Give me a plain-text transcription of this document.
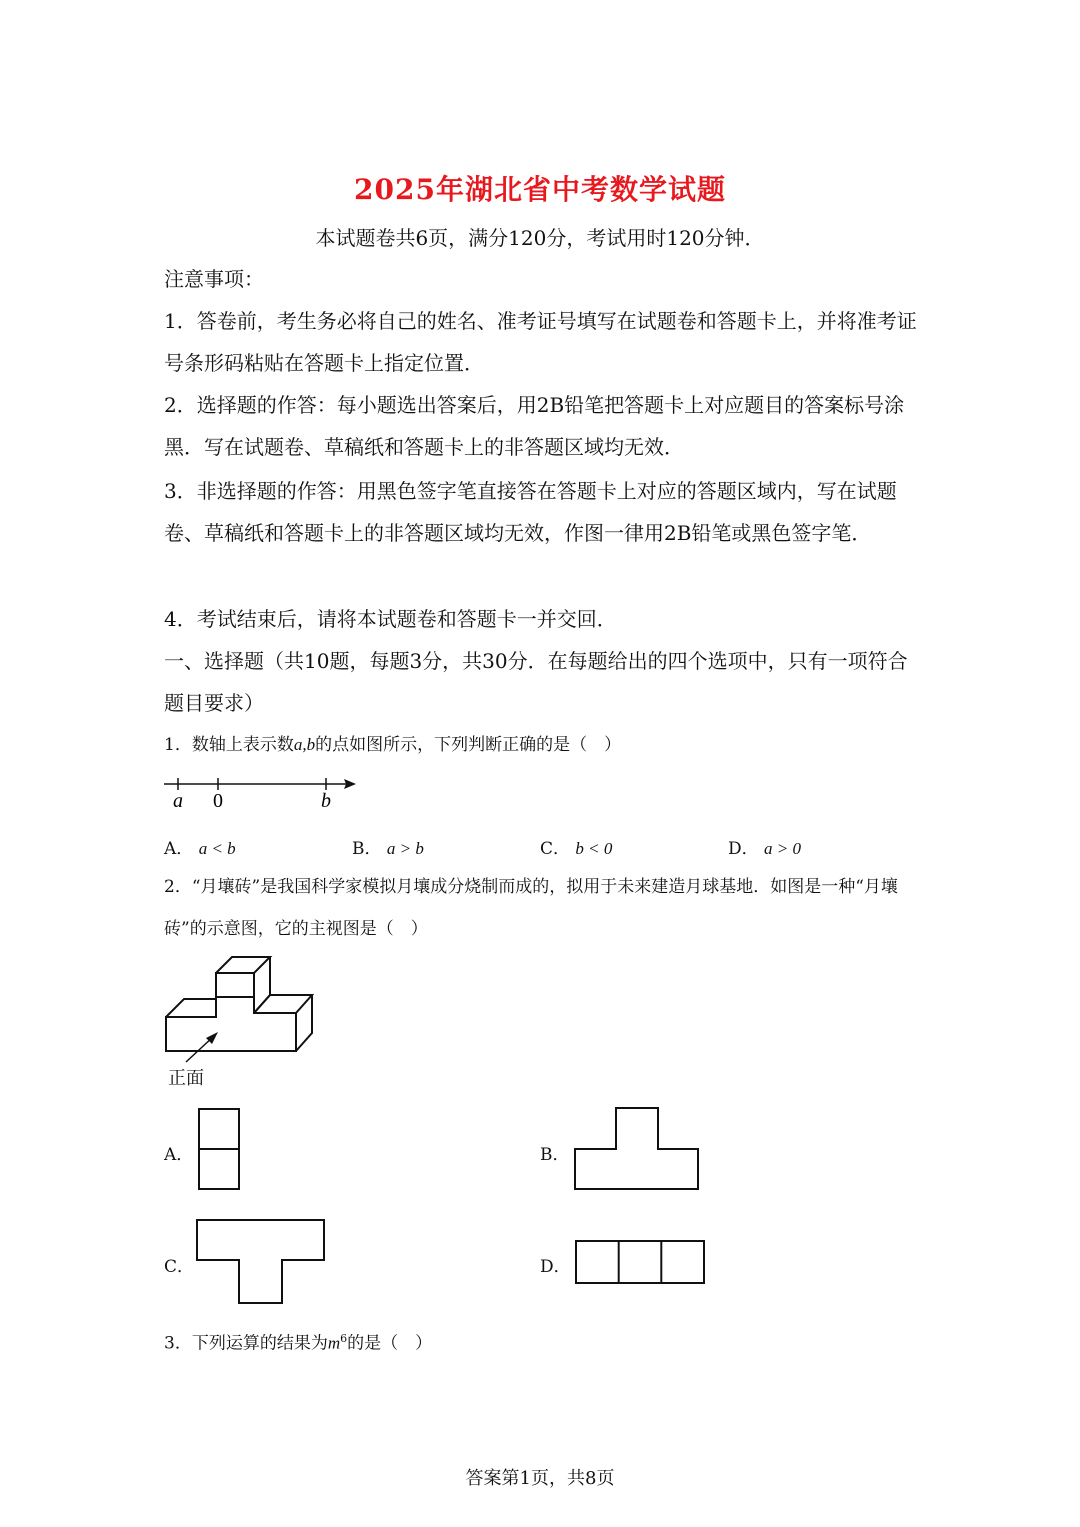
2025年湖北省中考数学试题
本试题卷共6页，满分120分，考试用时120分钟．
注意事项：
1．答卷前，考生务必将自己的姓名、准考证号填写在试题卷和答题卡上，并将准考证号条形码粘贴在答题卡上指定位置．
2．选择题的作答：每小题选出答案后，用2B铅笔把答题卡上对应题目的答案标号涂黑．写在试题卷、草稿纸和答题卡上的非答题区域均无效．
3．非选择题的作答：用黑色签字笔直接答在答题卡上对应的答题区域内，写在试题卷、草稿纸和答题卡上的非答题区域均无效，作图一律用2B铅笔或黑色签字笔．
4．考试结束后，请将本试题卷和答题卡一并交回．
一、选择题（共10题，每题3分，共30分．在每题给出的四个选项中，只有一项符合题目要求）
1．数轴上表示数a,b的点如图所示，下列判断正确的是（　）
a 0	b
A． a < b	B． a > b	C． b < 0	D． a > 0
2．“月壤砖”是我国科学家模拟月壤成分烧制而成的，拟用于未来建造月球基地．如图是一种“月壤砖”的示意图，它的主视图是（　）
正面
A．	B．
C．	D．
3．下列运算的结果为$m^6$的是（　）
答案第1页，共8页
